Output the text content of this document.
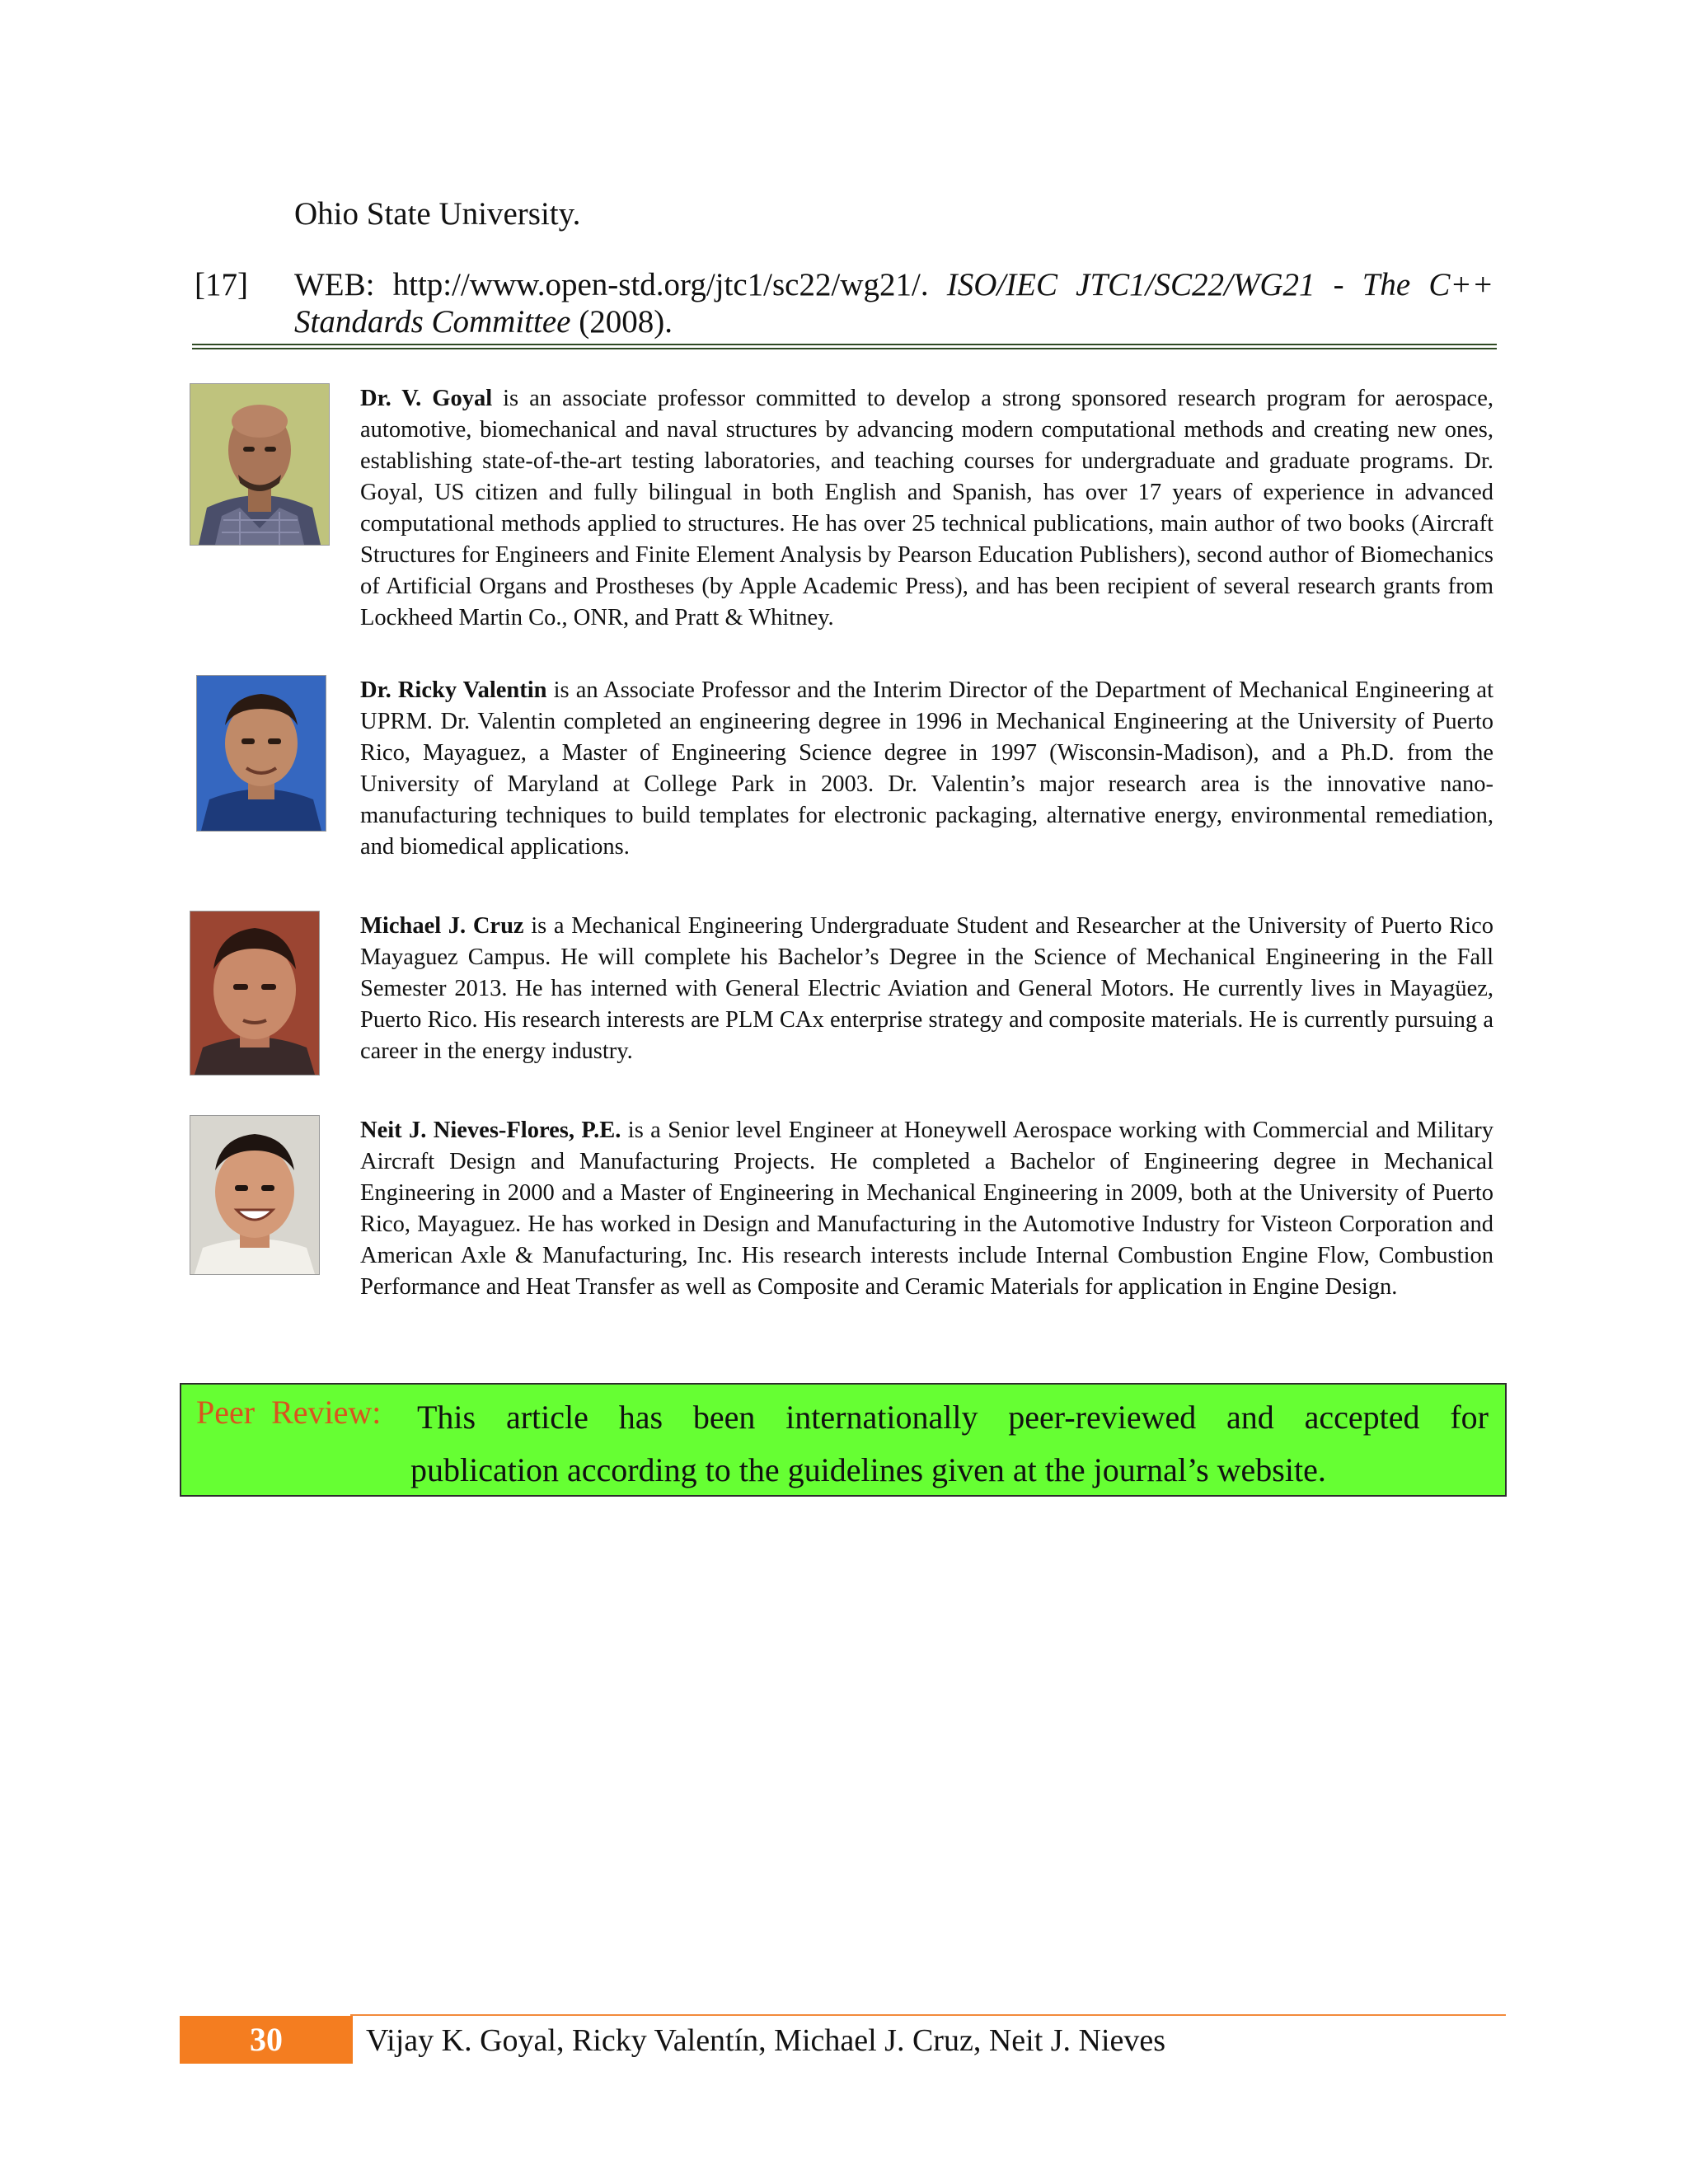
Ohio State University.
[17] WEB: http://www.open-std.org/jtc1/sc22/wg21/. ISO/IEC JTC1/SC22/WG21 - The C++ Standards Committee (2008).
Dr. V. Goyal is an associate professor committed to develop a strong sponsored research program for aerospace, automotive, biomechanical and naval structures by advancing modern computational methods and creating new ones, establishing state-of-the-art testing laboratories, and teaching courses for undergraduate and graduate programs. Dr. Goyal, US citizen and fully bilingual in both English and Spanish, has over 17 years of experience in advanced computational methods applied to structures. He has over 25 technical publications, main author of two books (Aircraft Structures for Engineers and Finite Element Analysis by Pearson Education Publishers), second author of Biomechanics of Artificial Organs and Prostheses (by Apple Academic Press), and has been recipient of several research grants from Lockheed Martin Co., ONR, and Pratt & Whitney.
Dr. Ricky Valentin is an Associate Professor and the Interim Director of the Department of Mechanical Engineering at UPRM. Dr. Valentin completed an engineering degree in 1996 in Mechanical Engineering at the University of Puerto Rico, Mayaguez, a Master of Engineering Science degree in 1997 (Wisconsin-Madison), and a Ph.D. from the University of Maryland at College Park in 2003. Dr. Valentin’s major research area is the innovative nano-manufacturing techniques to build templates for electronic packaging, alternative energy, environmental remediation, and biomedical applications.
Michael J. Cruz is a Mechanical Engineering Undergraduate Student and Researcher at the University of Puerto Rico Mayaguez Campus. He will complete his Bachelor’s Degree in the Science of Mechanical Engineering in the Fall Semester 2013. He has interned with General Electric Aviation and General Motors. He currently lives in Mayagüez, Puerto Rico. His research interests are PLM CAx enterprise strategy and composite materials. He is currently pursuing a career in the energy industry.
Neit J. Nieves-Flores, P.E. is a Senior level Engineer at Honeywell Aerospace working with Commercial and Military Aircraft Design and Manufacturing Projects. He completed a Bachelor of Engineering degree in Mechanical Engineering in 2000 and a Master of Engineering in Mechanical Engineering in 2009, both at the University of Puerto Rico, Mayaguez. He has worked in Design and Manufacturing in the Automotive Industry for Visteon Corporation and American Axle & Manufacturing, Inc. His research interests include Internal Combustion Engine Flow, Combustion Performance and Heat Transfer as well as Composite and Ceramic Materials for application in Engine Design.
Peer Review: This article has been internationally peer-reviewed and accepted for
publication according to the guidelines given at the journal’s website.
30	Vijay K. Goyal, Ricky Valentín, Michael J. Cruz, Neit J. Nieves
